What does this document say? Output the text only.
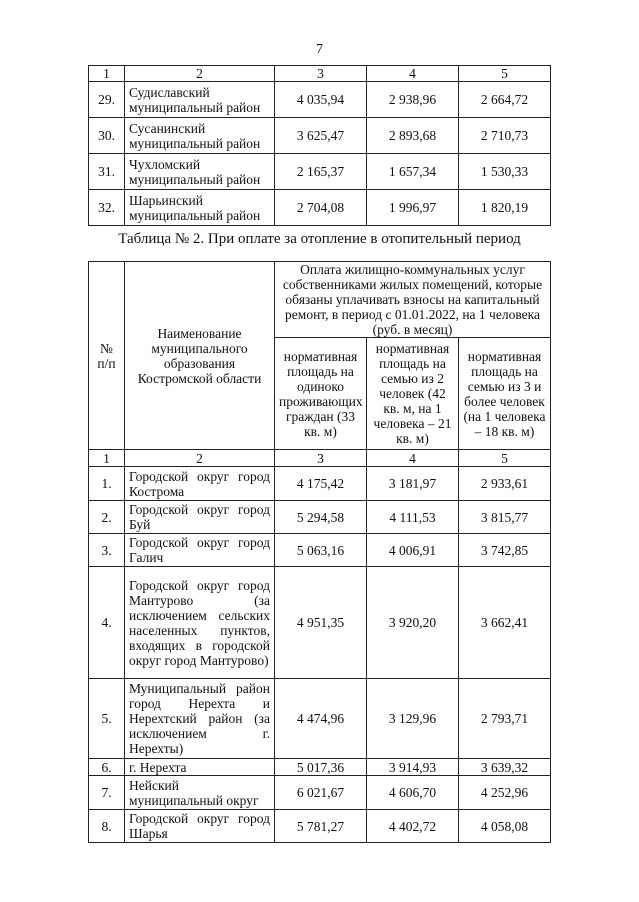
7
1	2	3	4	5
29.	Судиславский муниципальный район	4 035,94	2 938,96	2 664,72
30.	Сусанинский муниципальный район	3 625,47	2 893,68	2 710,73
31.	Чухломский муниципальный район	2 165,37	1 657,34	1 530,33
32.	Шарьинский муниципальный район	2 704,08	1 996,97	1 820,19
Таблица № 2. При оплате за отопление в отопительный период
№ п/п	Наименование муниципального образования Костромской области	Оплата жилищно-коммунальных услуг собственниками жилых помещений, которые обязаны уплачивать взносы на капитальный ремонт, в период с 01.01.2022, на 1 человека (руб. в месяц)		
		нормативная площадь на одиноко проживающих граждан (33 кв. м)	нормативная площадь на семью из 2 человек (42 кв. м, на 1 человека – 21 кв. м)	нормативная площадь на семью из 3 и более человек (на 1 человека – 18 кв. м)
1	2	3	4	5
1.	Городской округ город Кострома	4 175,42	3 181,97	2 933,61
2.	Городской округ город Буй	5 294,58	4 111,53	3 815,77
3.	Городской округ город Галич	5 063,16	4 006,91	3 742,85
4.	Городской округ город Мантурово (за исключением сельских населенных пунктов, входящих в городской округ город Мантурово)	4 951,35	3 920,20	3 662,41
5.	Муниципальный район город Нерехта и Нерехтский район (за исключением г. Нерехты)	4 474,96	3 129,96	2 793,71
6.	г. Нерехта	5 017,36	3 914,93	3 639,32
7.	Нейский муниципальный округ	6 021,67	4 606,70	4 252,96
8.	Городской округ город Шарья	5 781,27	4 402,72	4 058,08
